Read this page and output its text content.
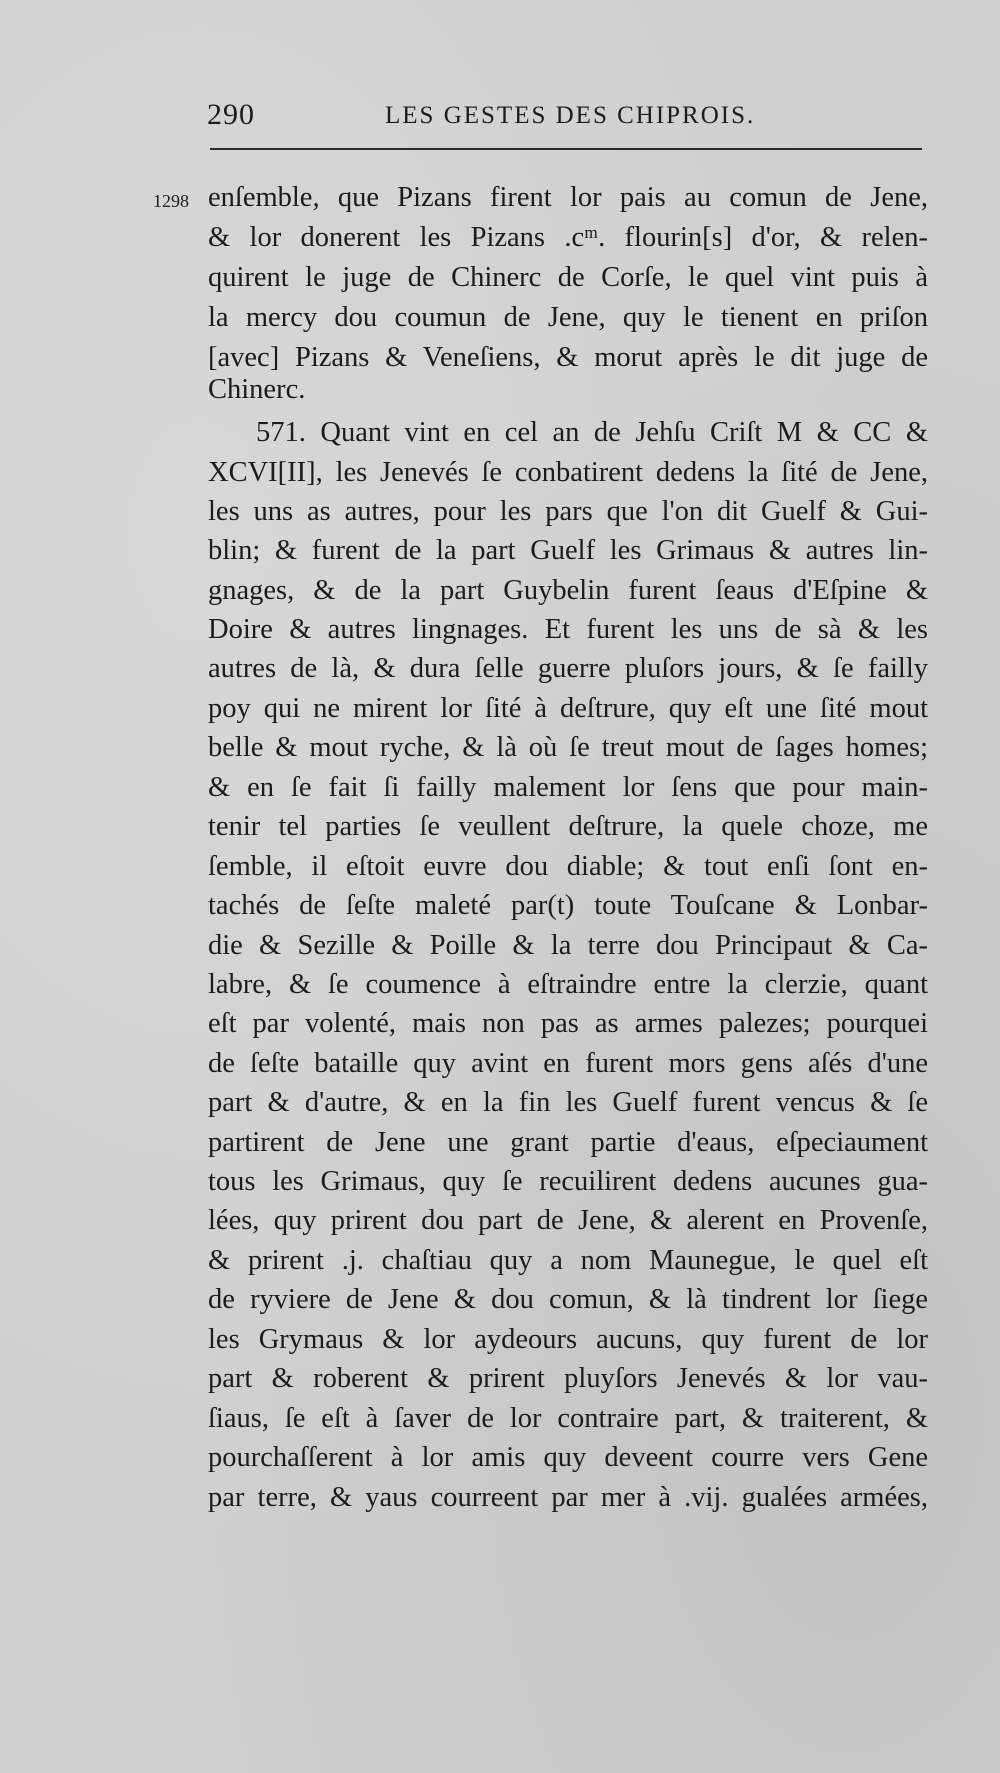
290	LES GESTES DES CHIPROIS.
1298 enſemble, que Pizans firent lor pais au comun de Jene,
& lor donerent les Pizans .cᵐ. flourin[s] d'or, & relen-
quirent le juge de Chinerc de Corſe, le quel vint puis à
la mercy dou coumun de Jene, quy le tienent en priſon
[avec] Pizans & Veneſiens, & morut après le dit juge de
Chinerc.
571. Quant vint en cel an de Jehſu Criſt M & CC &
XCVI[II], les Jenevés ſe conbatirent dedens la ſité de Jene,
les uns as autres, pour les pars que l'on dit Guelf & Gui-
blin; & furent de la part Guelf les Grimaus & autres lin-
gnages, & de la part Guybelin furent ſeaus d'Eſpine &
Doire & autres lingnages. Et furent les uns de sà & les
autres de là, & dura ſelle guerre pluſors jours, & ſe failly
poy qui ne mirent lor ſité à deſtrure, quy eſt une ſité mout
belle & mout ryche, & là où ſe treut mout de ſages homes;
& en ſe fait ſi failly malement lor ſens que pour main-
tenir tel parties ſe veullent deſtrure, la quele choze, me
ſemble, il eſtoit euvre dou diable; & tout enſi ſont en-
tachés de ſeſte maleté par(t) toute Touſcane & Lonbar-
die & Sezille & Poille & la terre dou Principaut & Ca-
labre, & ſe coumence à eſtraindre entre la clerzie, quant
eſt par volenté, mais non pas as armes palezes; pourquei
de ſeſte bataille quy avint en furent mors gens aſés d'une
part & d'autre, & en la fin les Guelf furent vencus & ſe
partirent de Jene une grant partie d'eaus, eſpeciaument
tous les Grimaus, quy ſe recuilirent dedens aucunes gua-
lées, quy prirent dou part de Jene, & alerent en Provenſe,
& prirent .j. chaſtiau quy a nom Maunegue, le quel eſt
de ryviere de Jene & dou comun, & là tindrent lor ſiege
les Grymaus & lor aydeours aucuns, quy furent de lor
part & roberent & prirent pluyſors Jenevés & lor vau-
ſiaus, ſe eſt à ſaver de lor contraire part, & traiterent, &
pourchaſſerent à lor amis quy deveent courre vers Gene
par terre, & yaus courreent par mer à .vij. gualées armées,
